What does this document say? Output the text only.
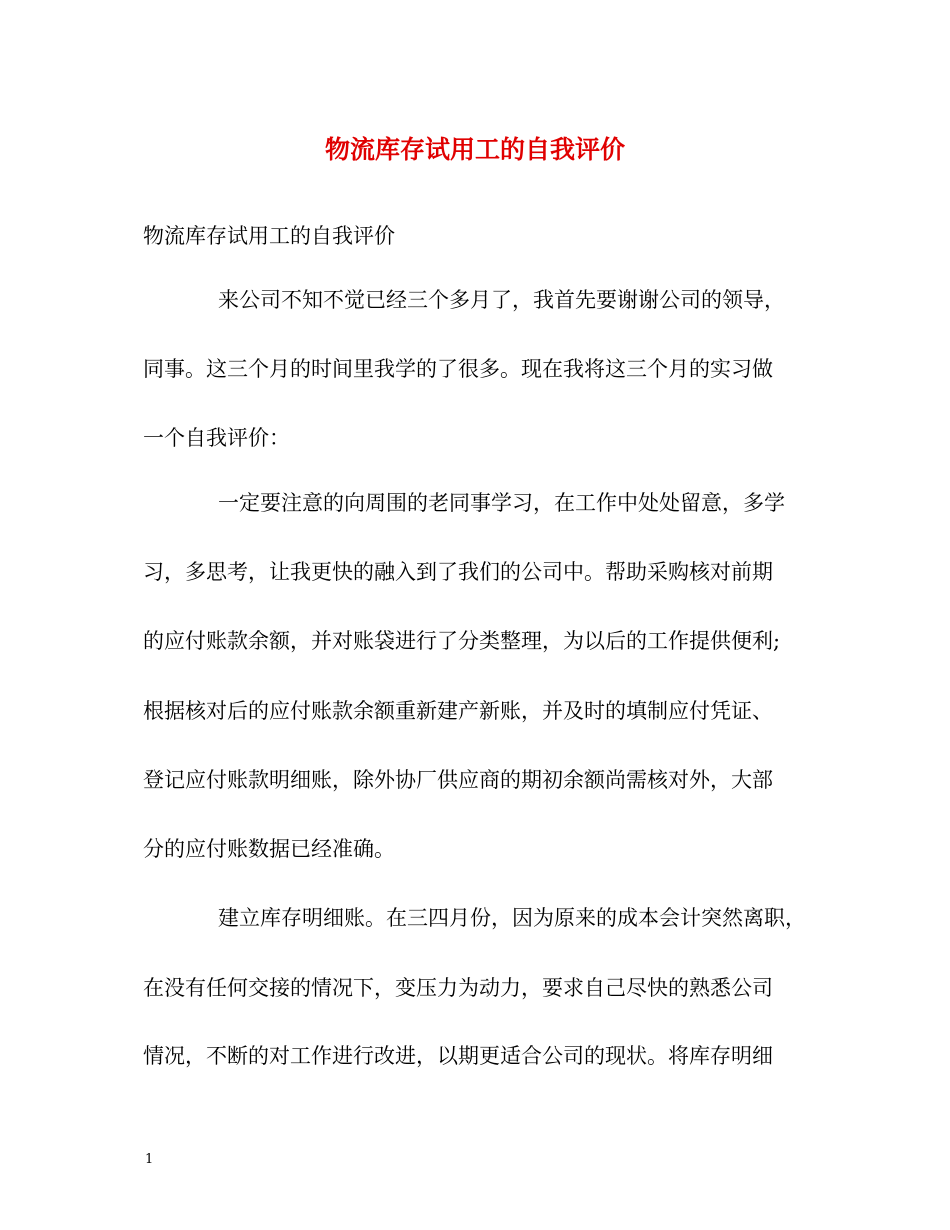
物流库存试用工的自我评价

物流库存试用工的自我评价

来公司不知不觉已经三个多月了，我首先要谢谢公司的领导，

同事。这三个月的时间里我学的了很多。现在我将这三个月的实习做

一个自我评价：

一定要注意的向周围的老同事学习，在工作中处处留意，多学

习，多思考，让我更快的融入到了我们的公司中。帮助采购核对前期

的应付账款余额，并对账袋进行了分类整理，为以后的工作提供便利;

根据核对后的应付账款余额重新建产新账，并及时的填制应付凭证、

登记应付账款明细账，除外协厂供应商的期初余额尚需核对外，大部

分的应付账数据已经准确。

建立库存明细账。在三四月份，因为原来的成本会计突然离职，

在没有任何交接的情况下，变压力为动力，要求自己尽快的熟悉公司

情况，不断的对工作进行改进，以期更适合公司的现状。将库存明细

1
